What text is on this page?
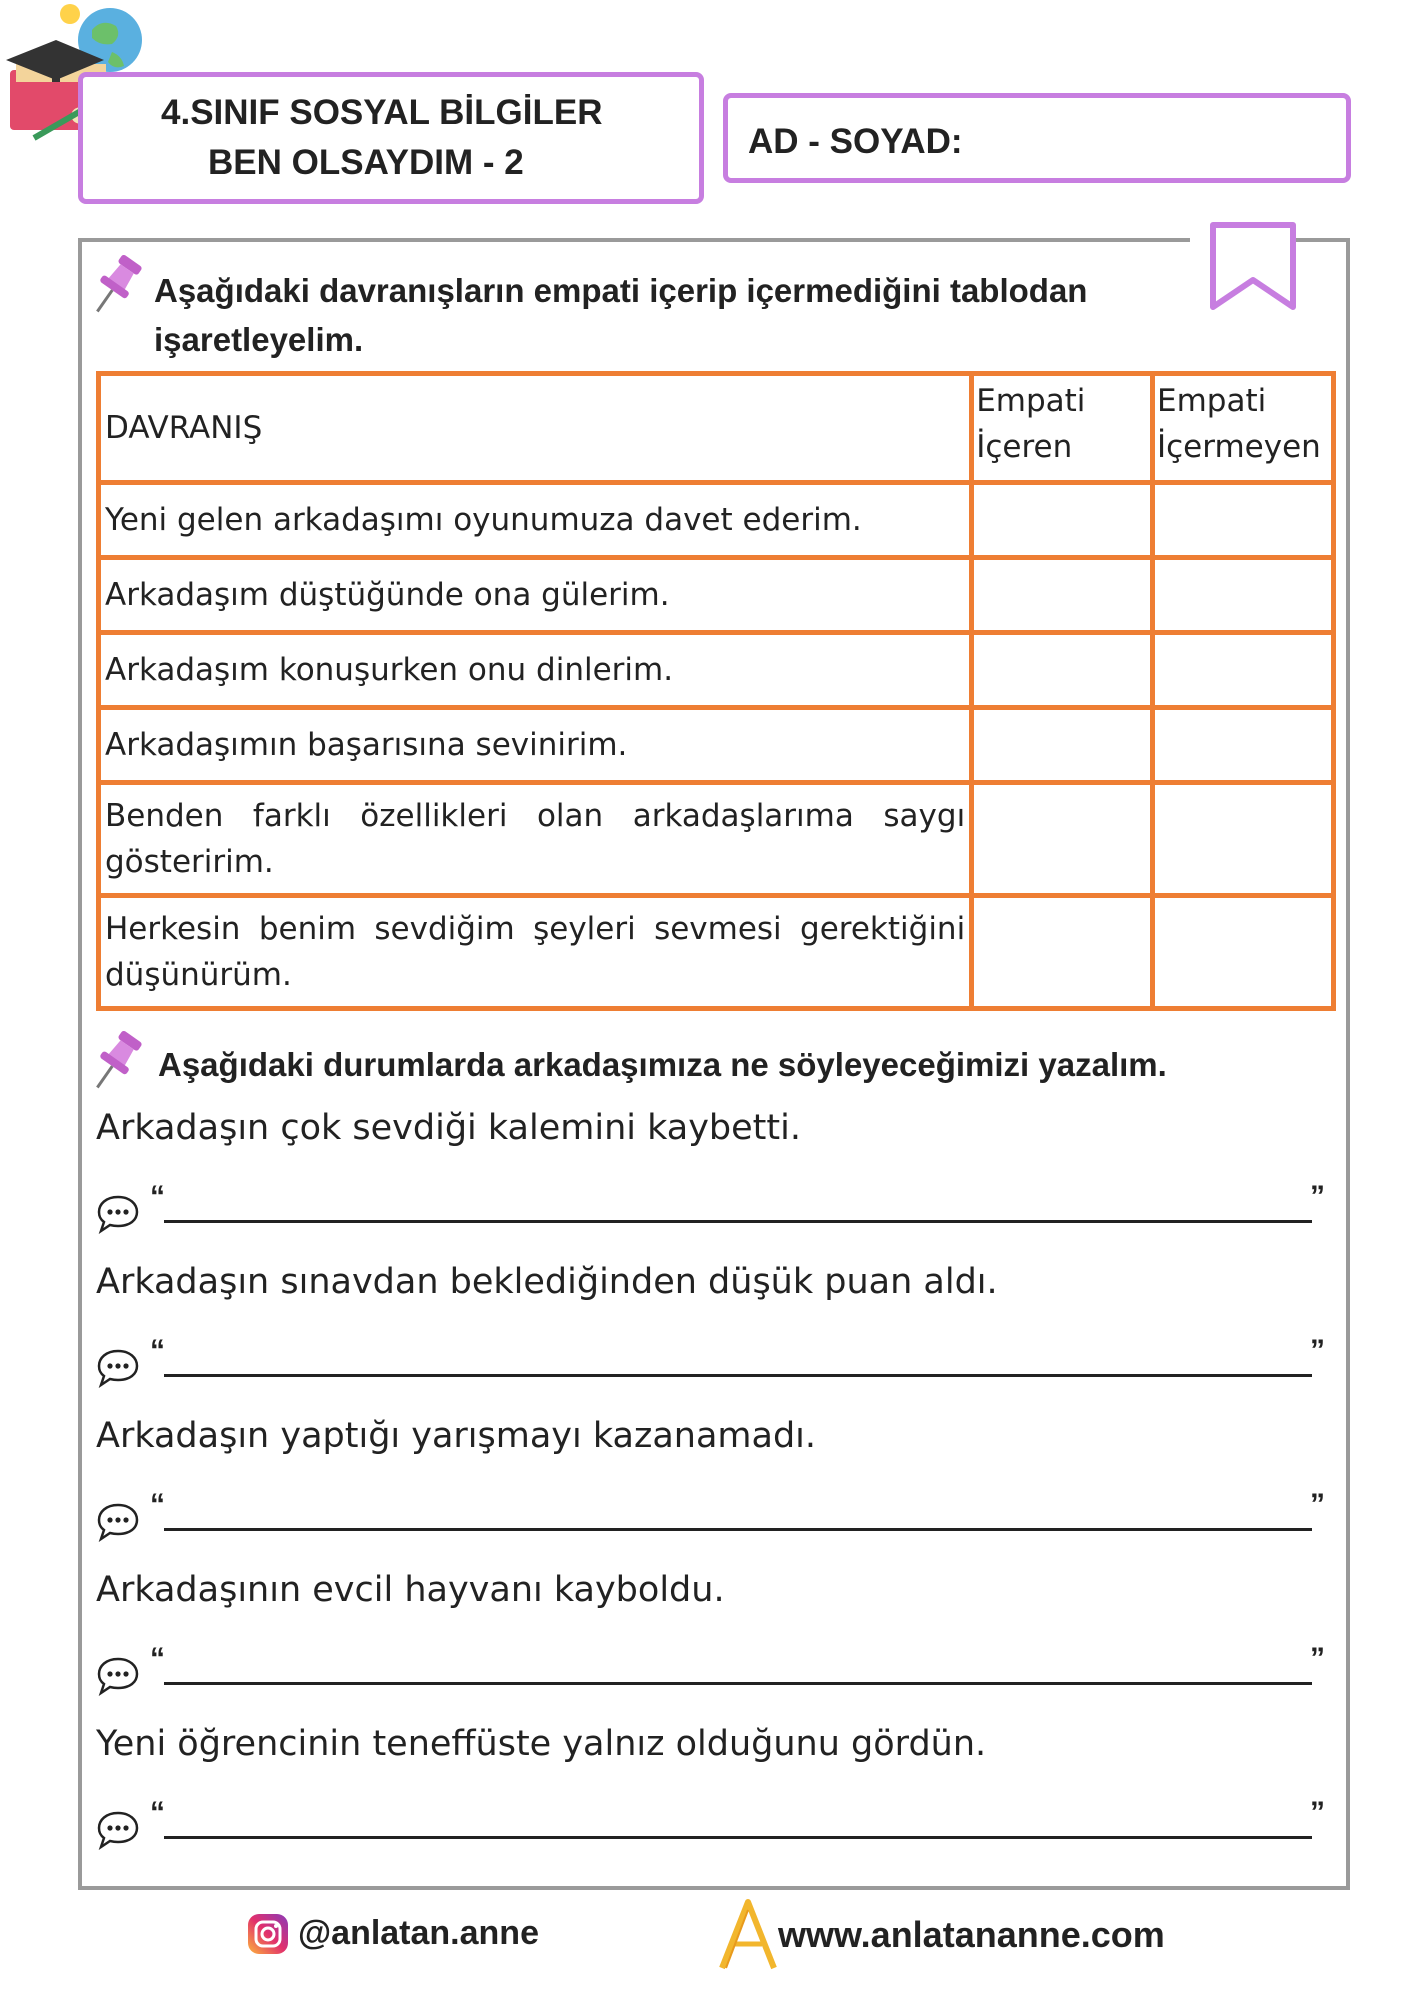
4.SINIF SOSYAL BİLGİLER
BEN OLSAYDIM - 2
AD - SOYAD:
Aşağıdaki davranışların empati içerip içermediğini tablodan işaretleyelim.
DAVRANIŞ	Empati İçeren	Empati İçermeyen
Yeni gelen arkadaşımı oyunumuza davet ederim.		
Arkadaşım düştüğünde ona gülerim.		
Arkadaşım konuşurken onu dinlerim.		
Arkadaşımın başarısına sevinirim.		
Benden farklı özellikleri olan arkadaşlarıma saygı gösteririm.		
Herkesin benim sevdiğim şeyleri sevmesi gerektiğini düşünürüm.		
Aşağıdaki durumlarda arkadaşımıza ne söyleyeceğimizi yazalım.
Arkadaşın çok sevdiği kalemini kaybetti.
“	”
Arkadaşın sınavdan beklediğinden düşük puan aldı.
“	”
Arkadaşın yaptığı yarışmayı kazanamadı.
“	”
Arkadaşının evcil hayvanı kayboldu.
“	”
Yeni öğrencinin teneffüste yalnız olduğunu gördün.
“	”
@anlatan.anne	www.anlatananne.com
